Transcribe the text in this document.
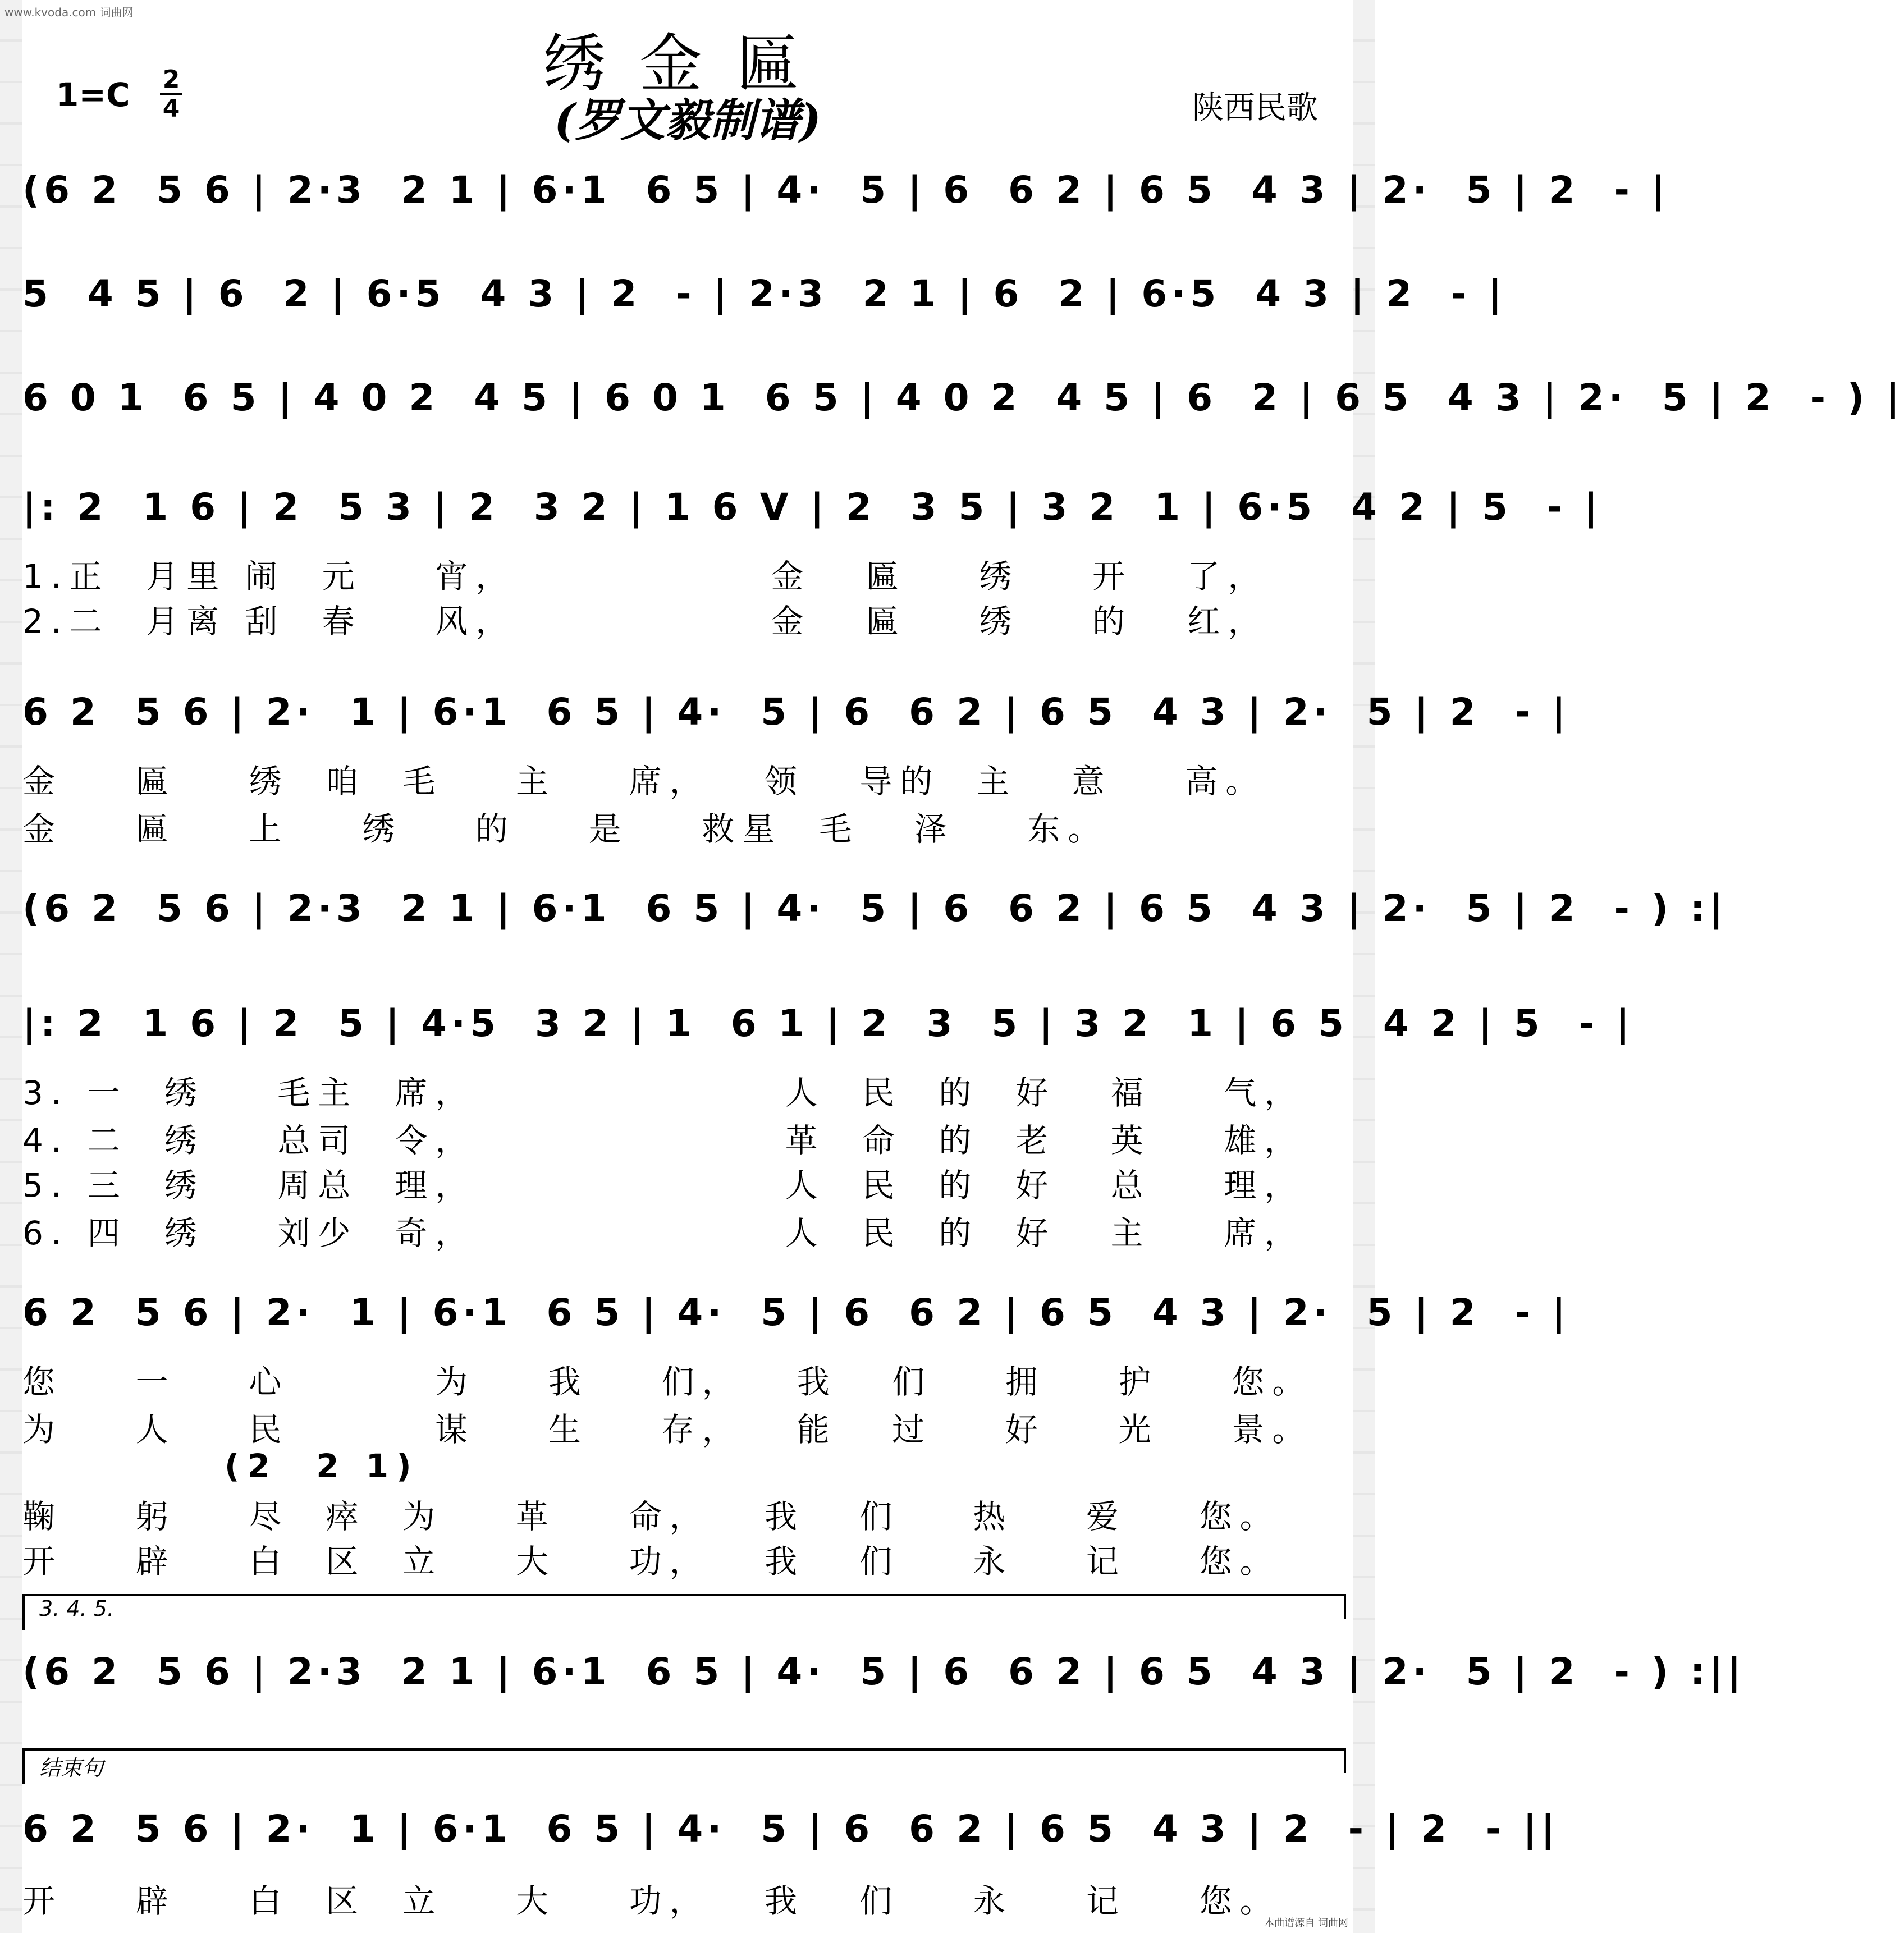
www.kvoda.com 词曲网
绣金匾
(罗文毅制谱)
1=C 2
4	陕西民歌
(6 2  5 6 | 2·3  2 1 | 6·1  6 5 | 4·  5 | 6  6 2 | 6 5  4 3 | 2·  5 | 2  - |
5  4 5 | 6  2 | 6·5  4 3 | 2  - | 2·3  2 1 | 6  2 | 6·5  4 3 | 2  - |
6 0 1  6 5 | 4 0 2  4 5 | 6 0 1  6 5 | 4 0 2  4 5 | 6  2 | 6 5  4 3 | 2·  5 | 2  - ) |
|: 2  1 6 | 2  5 3 | 2  3 2 | 1 6 V | 2  3 5 | 3 2  1 | 6·5  4 2 | 5  - |
1.正  月里 闹  元    宵，              金   匾    绣    开   了，
2.二  月离 刮  春    风，              金   匾    绣    的   红，
6 2  5 6 | 2·  1 | 6·1  6 5 | 4·  5 | 6  6 2 | 6 5  4 3 | 2·  5 | 2  - |
金    匾    绣  咱  毛    主    席，   领   导的  主   意    高。
金    匾    上    绣    的    是    救星  毛   泽    东。
(6 2  5 6 | 2·3  2 1 | 6·1  6 5 | 4·  5 | 6  6 2 | 6 5  4 3 | 2·  5 | 2  - ) :|
|: 2  1 6 | 2  5 | 4·5  3 2 | 1  6 1 | 2  3  5 | 3 2  1 | 6 5  4 2 | 5  - |
3. 一  绣    毛主  席，                 人  民  的  好   福    气，
4. 二  绣    总司  令，                 革  命  的  老   英    雄，
5. 三  绣    周总  理，                 人  民  的  好   总    理，
6. 四  绣    刘少  奇，                 人  民  的  好   主    席，
6 2  5 6 | 2·  1 | 6·1  6 5 | 4·  5 | 6  6 2 | 6 5  4 3 | 2·  5 | 2  - |
您    一    心        为    我    们，   我   们    拥    护    您。
为    人    民        谋    生    存，   能   过    好    光    景。
(2  2 1)
鞠    躬    尽  瘁  为    革    命，   我   们    热    爱    您。
开    辟    白  区  立    大    功，   我   们    永    记    您。
3. 4. 5.
(6 2  5 6 | 2·3  2 1 | 6·1  6 5 | 4·  5 | 6  6 2 | 6 5  4 3 | 2·  5 | 2  - ) :||
结束句
6 2  5 6 | 2·  1 | 6·1  6 5 | 4·  5 | 6  6 2 | 6 5  4 3 | 2  - | 2  - ||
开    辟    白  区  立    大    功，   我   们    永    记    您。
本曲谱源自 词曲网
